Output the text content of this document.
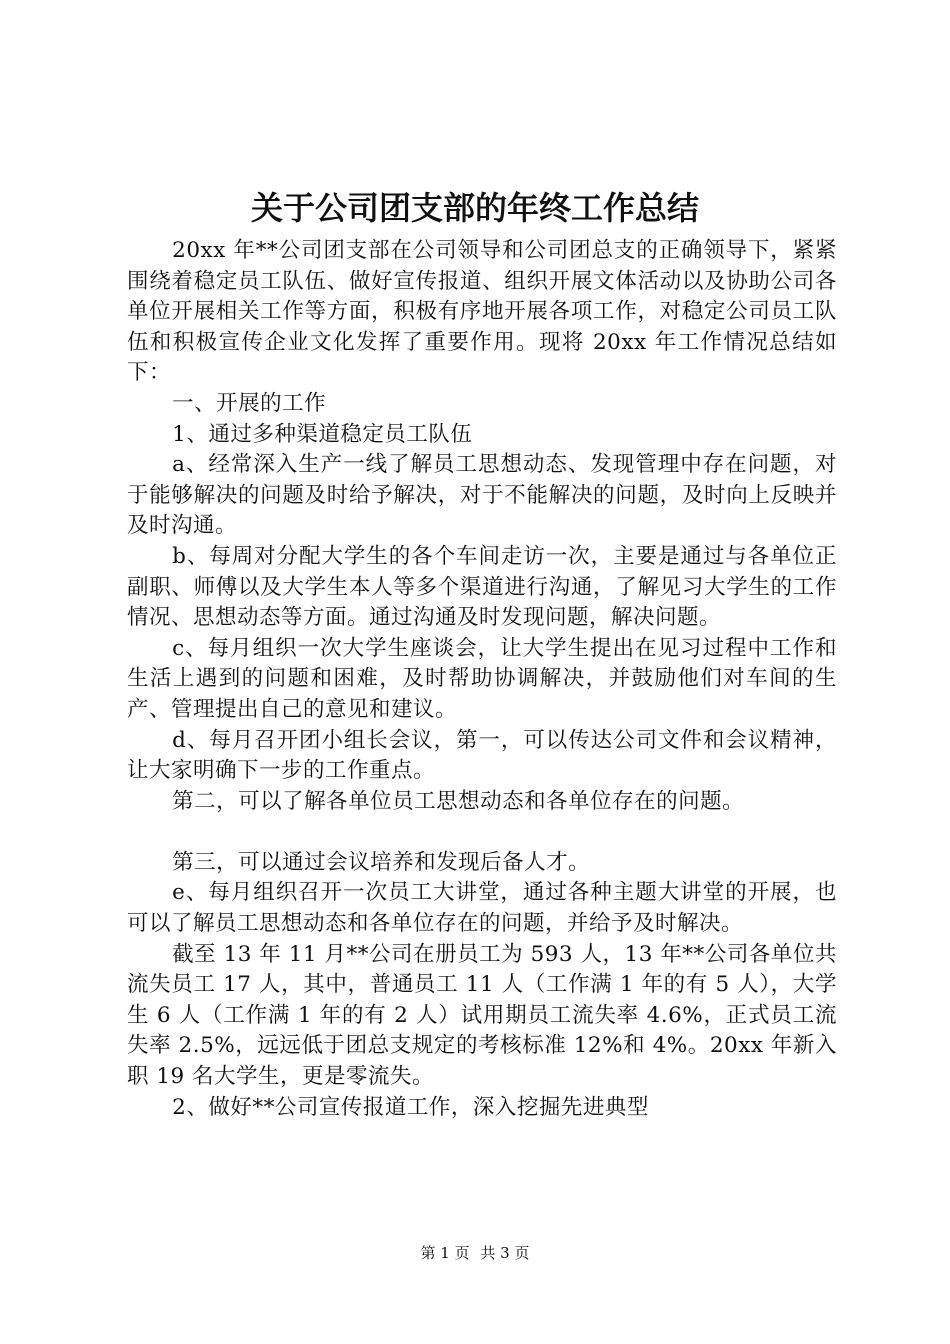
关于公司团支部的年终工作总结

20xx 年**公司团支部在公司领导和公司团总支的正确领导下，紧紧围绕着稳定员工队伍、做好宣传报道、组织开展文体活动以及协助公司各单位开展相关工作等方面，积极有序地开展各项工作，对稳定公司员工队伍和积极宣传企业文化发挥了重要作用。现将 20xx 年工作情况总结如下：

一、开展的工作

1、通过多种渠道稳定员工队伍

a、经常深入生产一线了解员工思想动态、发现管理中存在问题，对于能够解决的问题及时给予解决，对于不能解决的问题，及时向上反映并及时沟通。

b、每周对分配大学生的各个车间走访一次，主要是通过与各单位正副职、师傅以及大学生本人等多个渠道进行沟通，了解见习大学生的工作情况、思想动态等方面。通过沟通及时发现问题，解决问题。

c、每月组织一次大学生座谈会，让大学生提出在见习过程中工作和生活上遇到的问题和困难，及时帮助协调解决，并鼓励他们对车间的生产、管理提出自己的意见和建议。

d、每月召开团小组长会议，第一，可以传达公司文件和会议精神，让大家明确下一步的工作重点。

第二，可以了解各单位员工思想动态和各单位存在的问题。

第三，可以通过会议培养和发现后备人才。

e、每月组织召开一次员工大讲堂，通过各种主题大讲堂的开展，也可以了解员工思想动态和各单位存在的问题，并给予及时解决。

截至 13 年 11 月**公司在册员工为 593 人，13 年**公司各单位共流失员工 17 人，其中，普通员工 11 人（工作满 1 年的有 5 人），大学生 6 人（工作满 1 年的有 2 人）试用期员工流失率 4.6%，正式员工流失率 2.5%，远远低于团总支规定的考核标准 12%和 4%。20xx 年新入职 19 名大学生，更是零流失。

2、做好**公司宣传报道工作，深入挖掘先进典型

第 1 页 共 3 页
